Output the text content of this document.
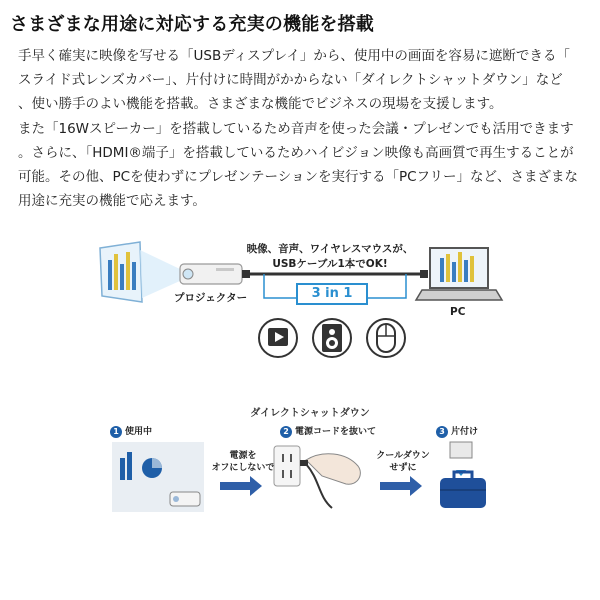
さまざまな用途に対応する充実の機能を搭載

手早く確実に映像を写せる「USBディスプレイ」から、使用中の画面を容易に遮断できる「

スライド式レンズカバー」、片付けに時間がかからない「ダイレクトシャットダウン」など

、使い勝手のよい機能を搭載。さまざまな機能でビジネスの現場を支援します。

また「16Wスピーカー」を搭載しているため音声を使った会議・プレゼンでも活用できます

。さらに、「HDMI®端子」を搭載しているためハイビジョン映像も高画質で再生することが

可能。その他、PCを使わずにプレゼンテーションを実行する「PCフリー」など、さまざまな

用途に充実の機能で応えます。

映像、音声、ワイヤレスマウスが、
USBケーブル1本でOK!
プロジェクター
PC
3 in 1
ダイレクトシャットダウン
1 使用中	2 電源コードを抜いて	3 片付け
電源を
オフにしないで
クールダウン
せずに
